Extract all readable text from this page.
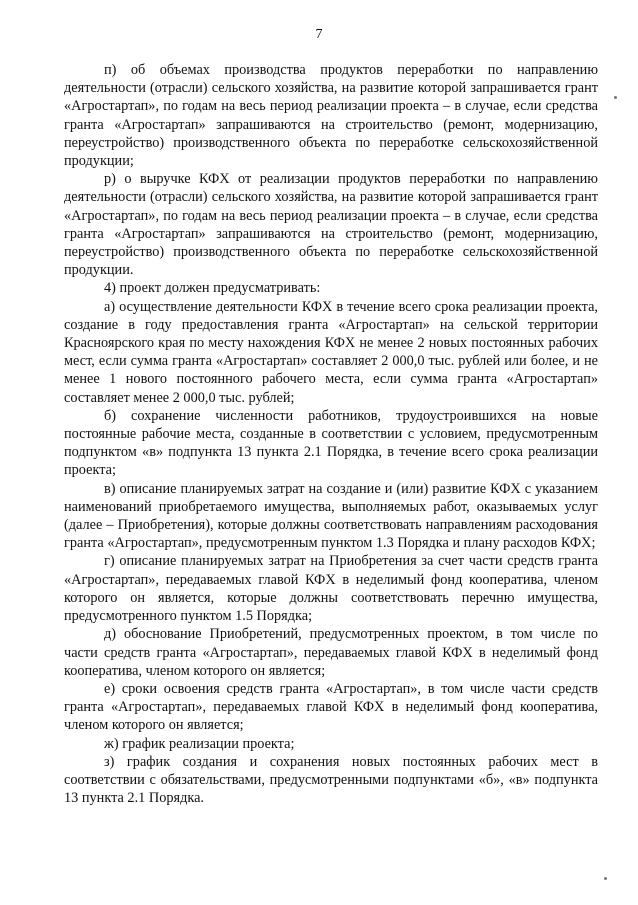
7

п) об объемах производства продуктов переработки по направлению деятельности (отрасли) сельского хозяйства, на развитие которой запрашивается грант «Агростартап», по годам на весь период реализации проекта – в случае, если средства гранта «Агростартап» запрашиваются на строительство (ремонт, модернизацию, переустройство) производственного объекта по переработке сельскохозяйственной продукции;

р) о выручке КФХ от реализации продуктов переработки по направлению деятельности (отрасли) сельского хозяйства, на развитие которой запрашивается грант «Агростартап», по годам на весь период реализации проекта – в случае, если средства гранта «Агростартап» запрашиваются на строительство (ремонт, модернизацию, переустройство) производственного объекта по переработке сельскохозяйственной продукции.

4) проект должен предусматривать:

а) осуществление деятельности КФХ в течение всего срока реализации проекта, создание в году предоставления гранта «Агростартап» на сельской территории Красноярского края по месту нахождения КФХ не менее 2 новых постоянных рабочих мест, если сумма гранта «Агростартап» составляет 2 000,0 тыс. рублей или более, и не менее 1 нового постоянного рабочего места, если сумма гранта «Агростартап» составляет менее 2 000,0 тыс. рублей;

б) сохранение численности работников, трудоустроившихся на новые постоянные рабочие места, созданные в соответствии с условием, предусмотренным подпунктом «в» подпункта 13 пункта 2.1 Порядка, в течение всего срока реализации проекта;

в) описание планируемых затрат на создание и (или) развитие КФХ с указанием наименований приобретаемого имущества, выполняемых работ, оказываемых услуг (далее – Приобретения), которые должны соответствовать направлениям расходования гранта «Агростартап», предусмотренным пунктом 1.3 Порядка и плану расходов КФХ;

г) описание планируемых затрат на Приобретения за счет части средств гранта «Агростартап», передаваемых главой КФХ в неделимый фонд кооператива, членом которого он является, которые должны соответствовать перечню имущества, предусмотренного пунктом 1.5 Порядка;

д) обоснование Приобретений, предусмотренных проектом, в том числе по части средств гранта «Агростартап», передаваемых главой КФХ в неделимый фонд кооператива, членом которого он является;

е) сроки освоения средств гранта «Агростартап», в том числе части средств гранта «Агростартап», передаваемых главой КФХ в неделимый фонд кооператива, членом которого он является;

ж) график реализации проекта;

з) график создания и сохранения новых постоянных рабочих мест в соответствии с обязательствами, предусмотренными подпунктами «б», «в» подпункта 13 пункта 2.1 Порядка.
